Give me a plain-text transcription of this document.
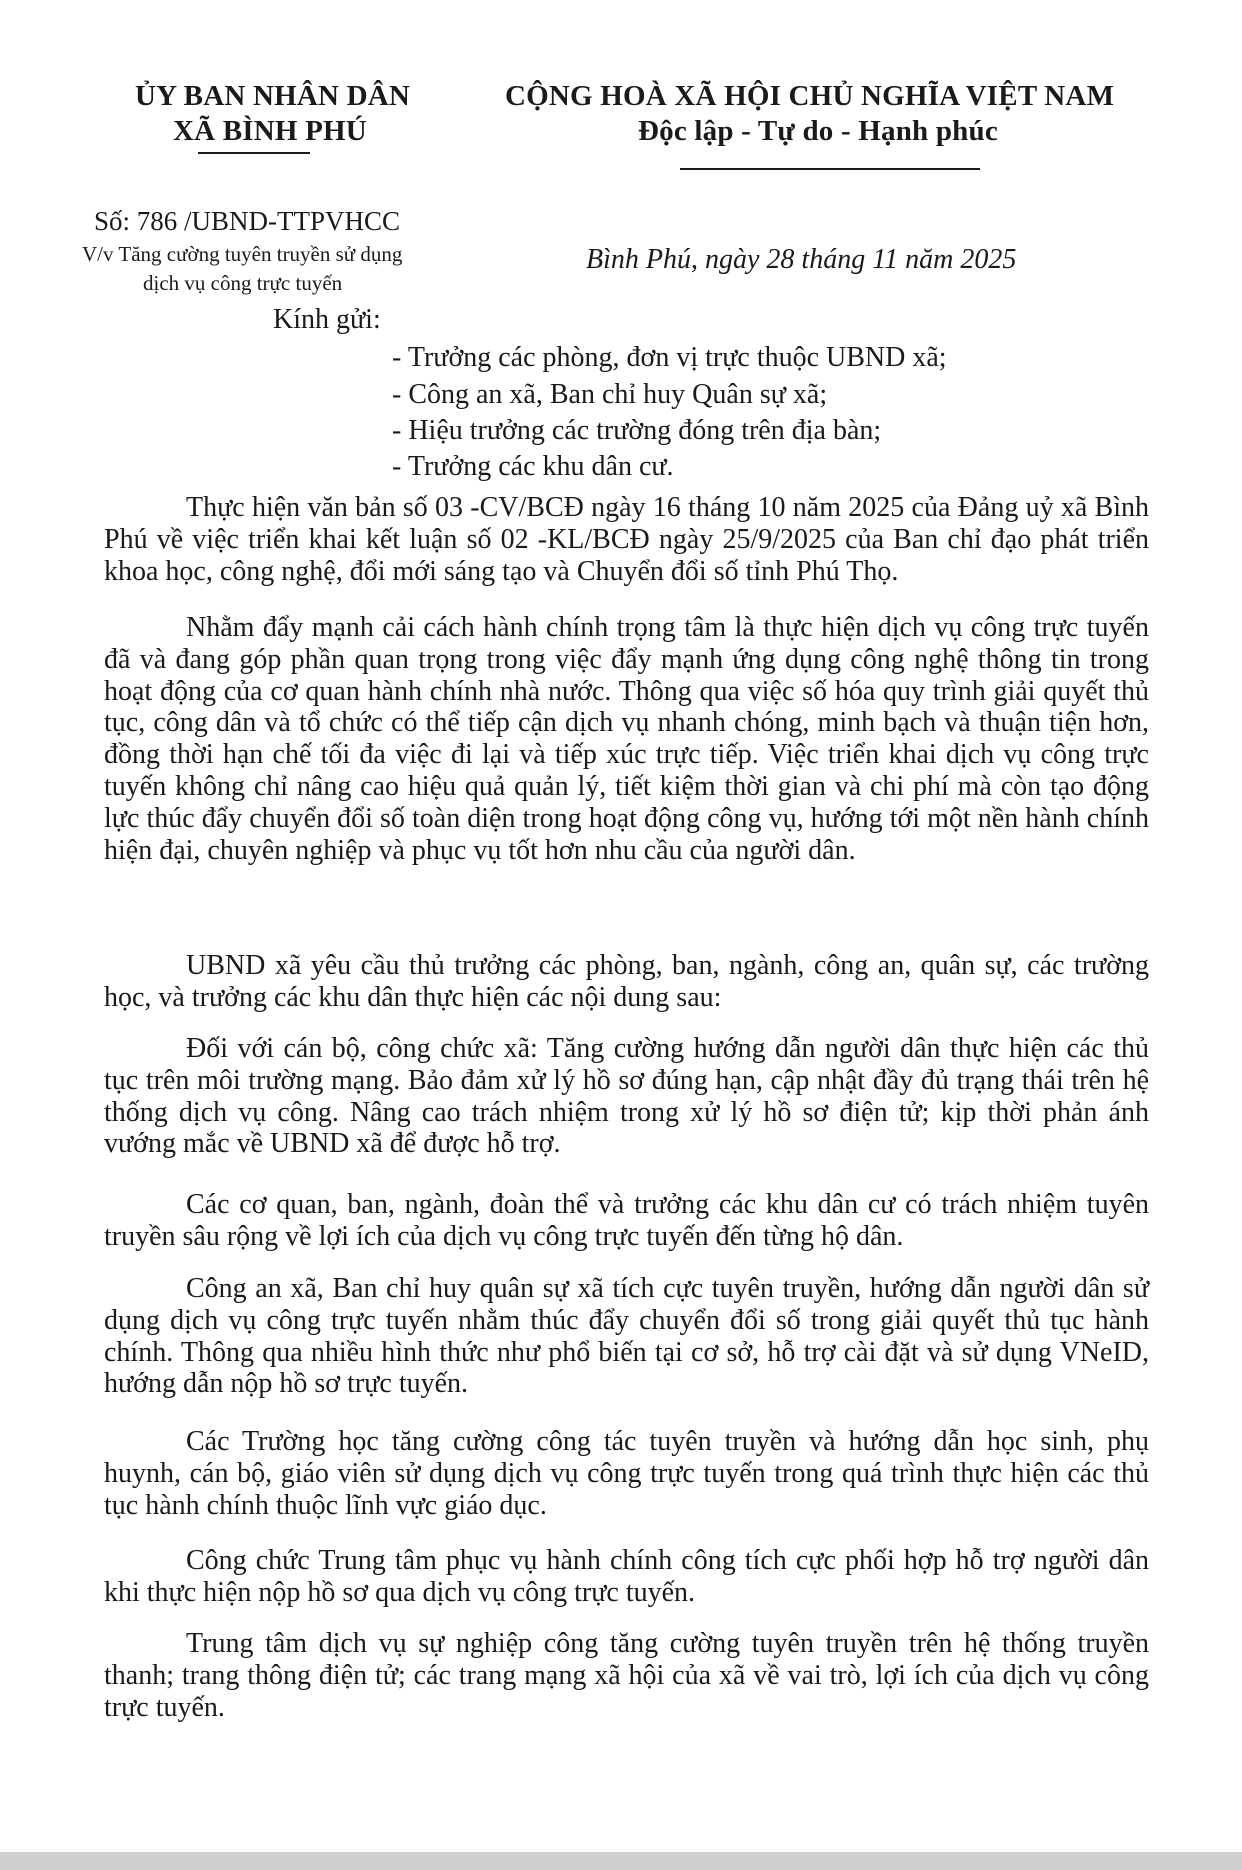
ỦY BAN NHÂN DÂN
XÃ BÌNH PHÚ
CỘNG HOÀ XÃ HỘI CHỦ NGHĨA VIỆT NAM
Độc lập - Tự do - Hạnh phúc
Số: 786 /UBND-TTPVHCC
V/v Tăng cường tuyên truyền sử dụng
dịch vụ công trực tuyến
Bình Phú, ngày 28 tháng 11 năm 2025
Kính gửi:
- Trưởng các phòng, đơn vị trực thuộc UBND xã;
- Công an xã, Ban chỉ huy Quân sự xã;
- Hiệu trưởng các trường đóng trên địa bàn;
- Trưởng các khu dân cư.
Thực hiện văn bản số 03 -CV/BCĐ ngày 16 tháng 10 năm 2025 của Đảng uỷ xã Bình Phú về việc triển khai kết luận số 02 -KL/BCĐ ngày 25/9/2025 của Ban chỉ đạo phát triển khoa học, công nghệ, đổi mới sáng tạo và Chuyển đổi số tỉnh Phú Thọ.
Nhằm đẩy mạnh cải cách hành chính trọng tâm là thực hiện dịch vụ công trực tuyến đã và đang góp phần quan trọng trong việc đẩy mạnh ứng dụng công nghệ thông tin trong hoạt động của cơ quan hành chính nhà nước. Thông qua việc số hóa quy trình giải quyết thủ tục, công dân và tổ chức có thể tiếp cận dịch vụ nhanh chóng, minh bạch và thuận tiện hơn, đồng thời hạn chế tối đa việc đi lại và tiếp xúc trực tiếp. Việc triển khai dịch vụ công trực tuyến không chỉ nâng cao hiệu quả quản lý, tiết kiệm thời gian và chi phí mà còn tạo động lực thúc đẩy chuyển đổi số toàn diện trong hoạt động công vụ, hướng tới một nền hành chính hiện đại, chuyên nghiệp và phục vụ tốt hơn nhu cầu của người dân.
UBND xã yêu cầu thủ trưởng các phòng, ban, ngành, công an, quân sự, các trường học, và trưởng các khu dân thực hiện các nội dung sau:
Đối với cán bộ, công chức xã: Tăng cường hướng dẫn người dân thực hiện các thủ tục trên môi trường mạng. Bảo đảm xử lý hồ sơ đúng hạn, cập nhật đầy đủ trạng thái trên hệ thống dịch vụ công. Nâng cao trách nhiệm trong xử lý hồ sơ điện tử; kịp thời phản ánh vướng mắc về UBND xã để được hỗ trợ.
Các cơ quan, ban, ngành, đoàn thể và trưởng các khu dân cư có trách nhiệm tuyên truyền sâu rộng về lợi ích của dịch vụ công trực tuyến đến từng hộ dân.
Công an xã, Ban chỉ huy quân sự xã tích cực tuyên truyền, hướng dẫn người dân sử dụng dịch vụ công trực tuyến nhằm thúc đẩy chuyển đổi số trong giải quyết thủ tục hành chính. Thông qua nhiều hình thức như phổ biến tại cơ sở, hỗ trợ cài đặt và sử dụng VNeID, hướng dẫn nộp hồ sơ trực tuyến.
Các Trường học tăng cường công tác tuyên truyền và hướng dẫn học sinh, phụ huynh, cán bộ, giáo viên sử dụng dịch vụ công trực tuyến trong quá trình thực hiện các thủ tục hành chính thuộc lĩnh vực giáo dục.
Công chức Trung tâm phục vụ hành chính công tích cực phối hợp hỗ trợ người dân khi thực hiện nộp hồ sơ qua dịch vụ công trực tuyến.
Trung tâm dịch vụ sự nghiệp công tăng cường tuyên truyền trên hệ thống truyền thanh; trang thông điện tử; các trang mạng xã hội của xã về vai trò, lợi ích của dịch vụ công trực tuyến.
